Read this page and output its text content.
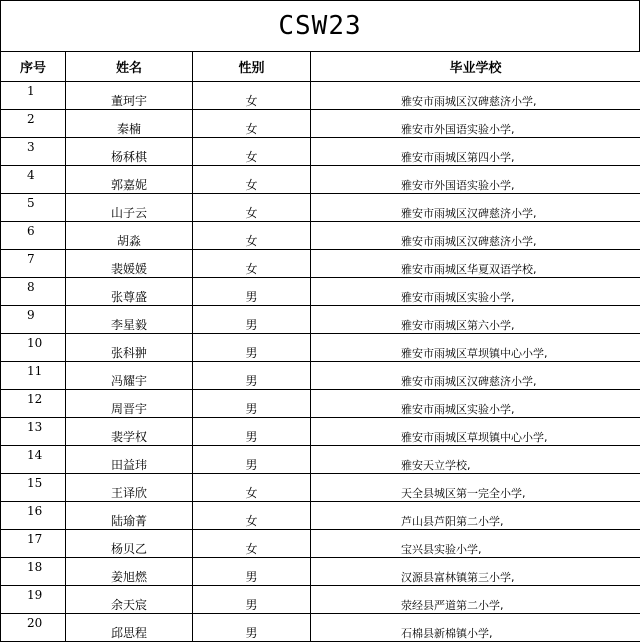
CSW23
序号	姓名	性别	毕业学校
1	董珂宇	女	雅安市雨城区汉碑慈济小学,
2	秦楠	女	雅安市外国语实验小学,
3	杨秝棋	女	雅安市雨城区第四小学,
4	郭嘉妮	女	雅安市外国语实验小学,
5	山子云	女	雅安市雨城区汉碑慈济小学,
6	胡淼	女	雅安市雨城区汉碑慈济小学,
7	裴媛媛	女	雅安市雨城区华夏双语学校,
8	张尊盛	男	雅安市雨城区实验小学,
9	李星毅	男	雅安市雨城区第六小学,
10	张科翀	男	雅安市雨城区草坝镇中心小学,
11	冯耀宇	男	雅安市雨城区汉碑慈济小学,
12	周晋宇	男	雅安市雨城区实验小学,
13	裴学权	男	雅安市雨城区草坝镇中心小学,
14	田益玮	男	雅安天立学校,
15	王译欣	女	天全县城区第一完全小学,
16	陆瑜菁	女	芦山县芦阳第二小学,
17	杨贝乙	女	宝兴县实验小学,
18	姜旭燃	男	汉源县富林镇第三小学,
19	余天宸	男	荥经县严道第二小学,
20	邱思程	男	石棉县新棉镇小学,
